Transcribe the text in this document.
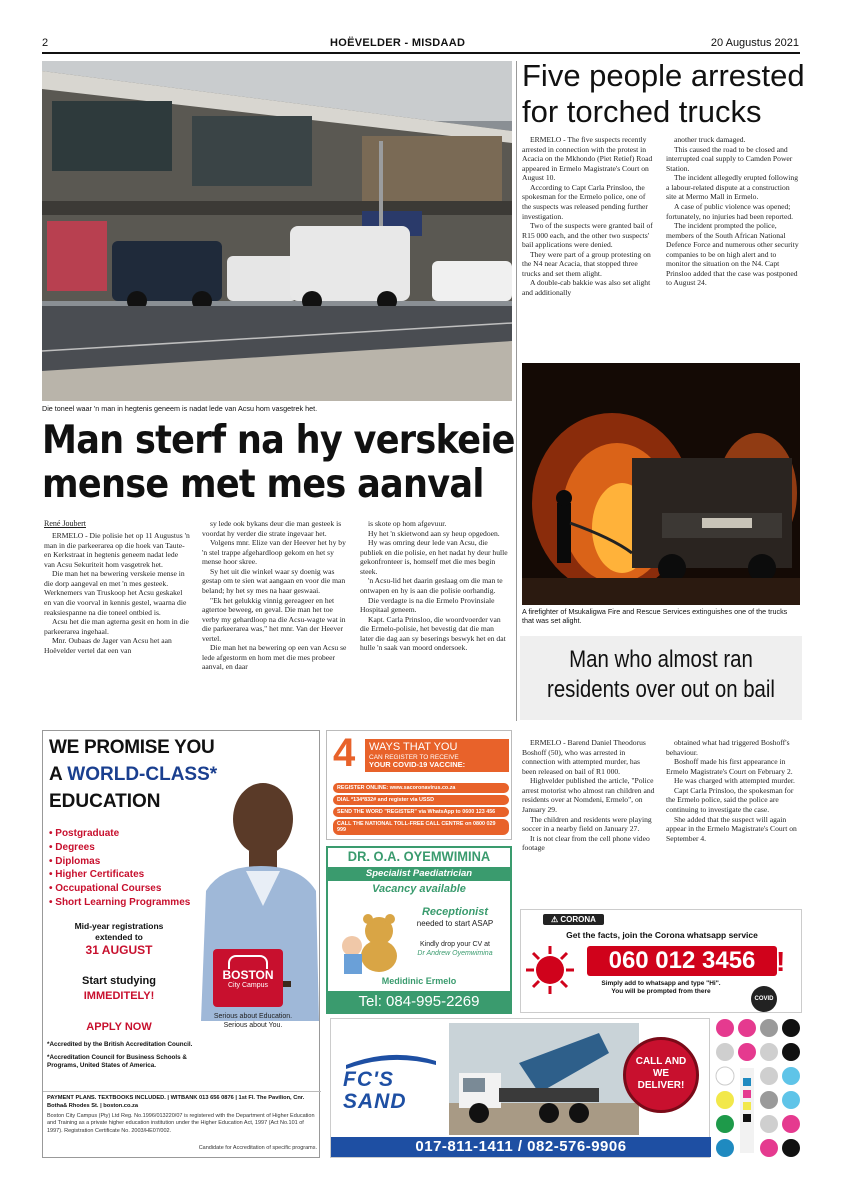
2	HOËVELDER - MISDAAD	20 Augustus 2021
Die toneel waar 'n man in hegtenis geneem is nadat lede van Acsu hom vasgetrek het.
Man sterf na hy verskeie
mense met mes aanval
René Joubert

ERMELO - Die polisie het op 11 Augustus 'n man in die parkeerarea op die hoek van Taute- en Kerkstraat in hegtenis geneem nadat lede van Acsu Sekuriteit hom vasgetrek het.

Die man het na bewering verskeie mense in die dorp aangeval en met 'n mes gesteek. Werknemers van Truskoop het Acsu geskakel en van die voorval in kennis gestel, waarna die reaksiespanne na die toneel ontbied is.

Acsu het die man agterna gesit en hom in die parkeerarea ingehaal.

Mnr. Oubaas de Jager van Acsu het aan Hoëvelder vertel dat een van

sy lede ook bykans deur die man gesteek is voordat hy verder die strate ingevaar het.

Volgens mnr. Elize van der Heever het hy by 'n stel trappe afgehardloop gekom en het sy mense hoor skree.

Sy het uit die winkel waar sy doenig was gestap om te sien wat aangaan en voor die man beland; hy het sy mes na haar geswaai.

"Ek het gelukkig vinnig gereageer en het agtertoe beweeg, en geval. Die man het toe verby my gehardloop na die Acsu-wagte wat in die parkeerarea was," het mnr. Van der Heever vertel.

Die man het na bewering op een van Acsu se lede afgestorm en hom met die mes probeer aanval, en daar

is skote op hom afgevuur.

Hy het 'n skietwond aan sy heup opgedoen.

Hy was omring deur lede van Acsu, die publiek en die polisie, en het nadat hy deur hulle gekonfronteer is, homself met die mes begin steek.

'n Acsu-lid het daarin geslaag om die man te ontwapen en hy is aan die polisie oorhandig.

Die verdagte is na die Ermelo Provinsiale Hospitaal geneem.

Kapt. Carla Prinsloo, die woordvoerder van die Ermelo-polisie, het bevestig dat die man later die dag aan sy beserings beswyk het en dat hulle 'n saak van moord ondersoek.

Five people arrested
for torched trucks

ERMELO - The five suspects recently arrested in connection with the protest in Acacia on the Mkhondo (Piet Retief) Road appeared in Ermelo Magistrate's Court on August 10.

According to Capt Carla Prinsloo, the spokesman for the Ermelo police, one of the suspects was released pending further investigation.

Two of the suspects were granted bail of R15 000 each, and the other two suspects' bail applications were denied.

They were part of a group protesting on the N4 near Acacia, that stopped three trucks and set them alight.

A double-cab bakkie was also set alight and additionally

another truck damaged.

This caused the road to be closed and interrupted coal supply to Camden Power Station.

The incident allegedly erupted following a labour-related dispute at a construction site at Mermo Mall in Ermelo.

A case of public violence was opened; fortunately, no injuries had been reported.

The incident prompted the police, members of the South African National Defence Force and numerous other security companies to be on high alert and to monitor the situation on the N4. Capt Prinsloo added that the case was postponed to August 24.

A firefighter of Msukaligwa Fire and Rescue Services extinguishes one of the trucks that was set alight.
Man who almost ran
residents over out on bail

ERMELO - Barend Daniel Theodorus Boshoff (50), who was arrested in connection with attempted murder, has been released on bail of R1 000.

Highvelder published the article, "Police arrest motorist who almost ran children and residents over at Nomdeni, Ermelo", on January 29.

The children and residents were playing soccer in a nearby field on January 27.

It is not clear from the cell phone video footage

obtained what had triggered Boshoff's behaviour.

Boshoff made his first appearance in Ermelo Magistrate's Court on February 2.

He was charged with attempted murder.

Capt Carla Prinsloo, the spokesman for the Ermelo police, said the police are continuing to investigate the case.

She added that the suspect will again appear in the Ermelo Magistrate's Court on September 4.

WE PROMISE YOU
A WORLD-CLASS*
EDUCATION
• Postgraduate
• Degrees
• Diplomas
• Higher Certificates
• Occupational Courses
• Short Learning Programmes
Mid-year registrations
extended to
31 AUGUST
Start studying
IMMEDITELY!
APPLY NOW
BOSTON
City Campus
Serious about Education.
Serious about You.
*Accredited by the British Accreditation Council.
*Accreditation Council for Business Schools & Programs, United States of America.
PAYMENT PLANS. TEXTBOOKS INCLUDED. | WITBANK 013 656 0876 | 1st Fl. The Pavilion, Cnr. Botha& Rhodes St. | boston.co.za
Boston City Campus (Pty) Ltd Reg. No.1996/013220/07 is registered with the Department of Higher Education and Training as a private higher education institution under the Higher Education Act, 1997 (Act No.101 of 1997). Registration Certificate No. 2003/HE07/002.
Candidate for Accreditation of specific programs.
4 WAYS THAT YOU
CAN REGISTER TO RECEIVE
YOUR COVID-19 VACCINE:
REGISTER ONLINE: www.sacoronavirus.co.za
DIAL *134*832# and register via USSD
SEND THE WORD "REGISTER" via WhatsApp to 0600 123 456
CALL THE NATIONAL TOLL-FREE CALL CENTRE on 0800 029 999
DR. O.A. OYEMWIMINA
Specialist Paediatrician
Vacancy available
Receptionist
needed to start ASAP
Kindly drop your CV at
Dr Andrew Oyemwimina
Medidinic Ermelo
Tel: 084-995-2269
⚠ CORONA
Get the facts, join the Corona whatsapp service
060 012 3456 !
Simply add to whatsapp and type "Hi".
You will be prompted from there
COVID
FC'S
SAND
CALL AND
WE
DELIVER!
017-811-1411 / 082-576-9906
